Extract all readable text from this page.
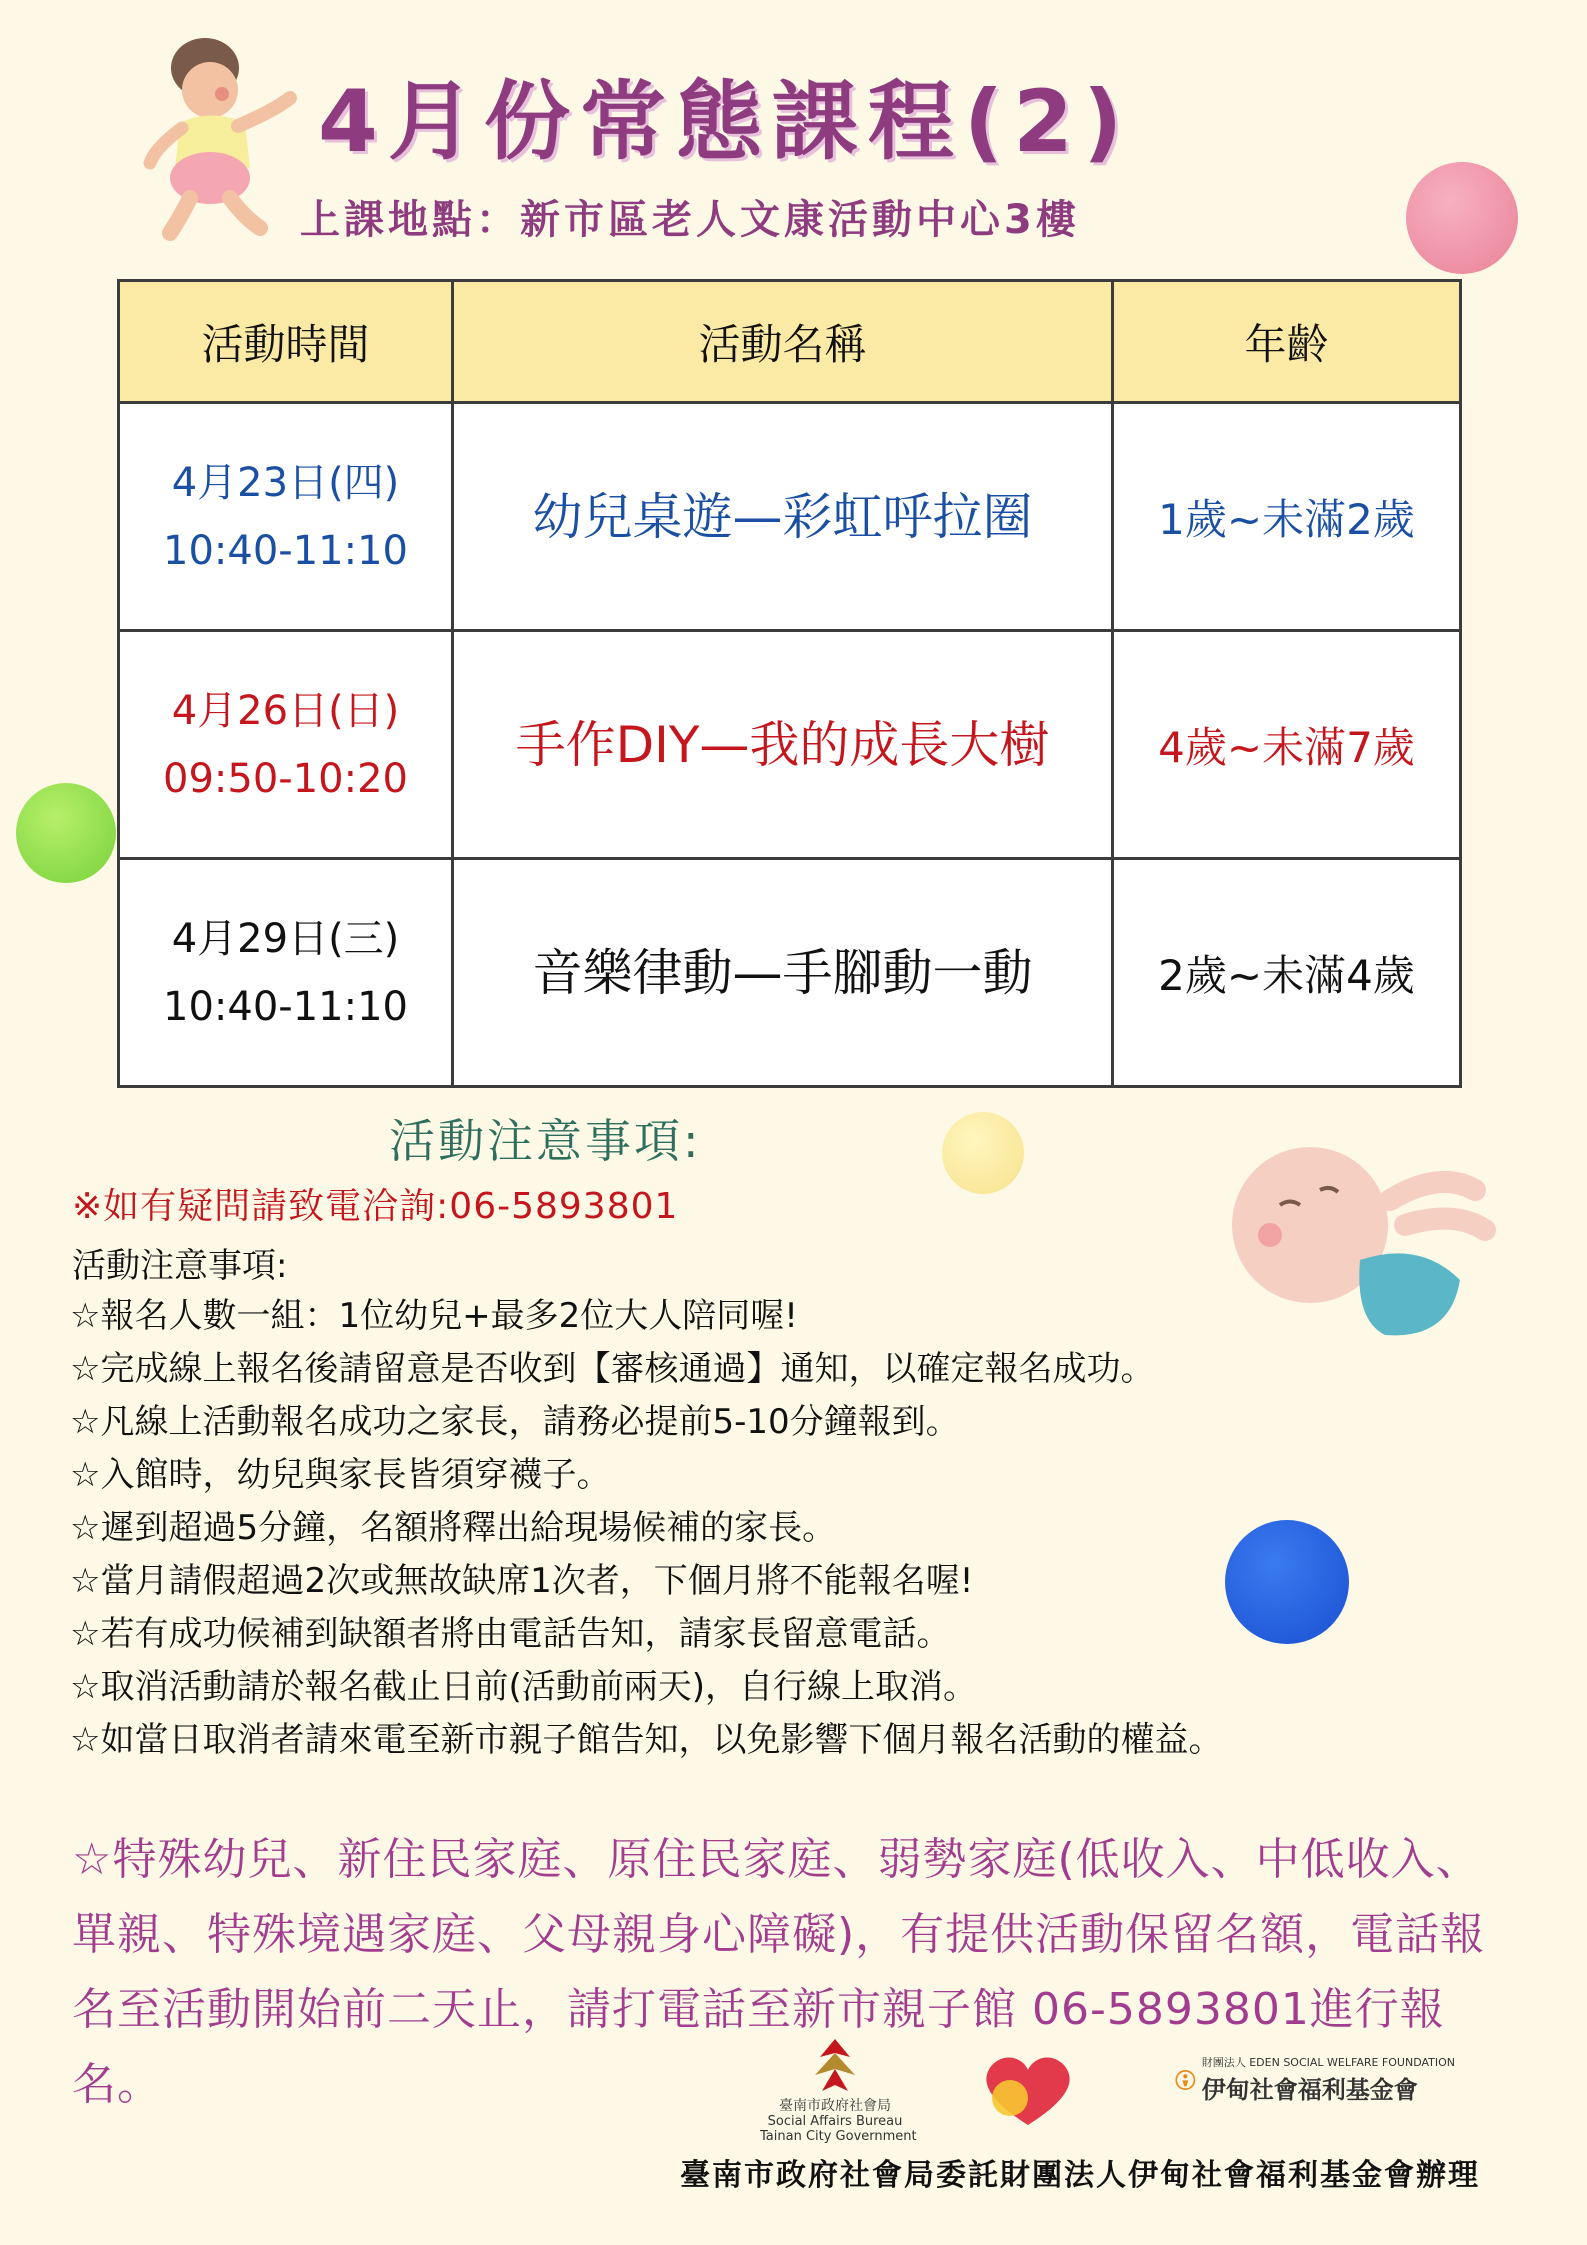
4月份常態課程(2)
上課地點：新市區老人文康活動中心3樓
活動時間	活動名稱	年齡

4月23日(四)
10:40-11:10	幼兒桌遊—彩虹呼拉圈	1歲~未滿2歲

4月26日(日)
09:50-10:20	手作DIY—我的成長大樹	4歲~未滿7歲

4月29日(三)
10:40-11:10	音樂律動—手腳動一動	2歲~未滿4歲
活動注意事項:
※如有疑問請致電洽詢:06-5893801
活動注意事項:
☆報名人數一組：1位幼兒+最多2位大人陪同喔!
☆完成線上報名後請留意是否收到【審核通過】通知，以確定報名成功。
☆凡線上活動報名成功之家長，請務必提前5-10分鐘報到。
☆入館時，幼兒與家長皆須穿襪子。
☆遲到超過5分鐘，名額將釋出給現場候補的家長。
☆當月請假超過2次或無故缺席1次者，下個月將不能報名喔!
☆若有成功候補到缺額者將由電話告知，請家長留意電話。
☆取消活動請於報名截止日前(活動前兩天)，自行線上取消。
☆如當日取消者請來電至新市親子館告知，以免影響下個月報名活動的權益。
☆特殊幼兒、新住民家庭、原住民家庭、弱勢家庭(低收入、中低收入、單親、特殊境遇家庭、父母親身心障礙)，有提供活動保留名額，電話報名至活動開始前二天止，請打電話至新市親子館 06-5893801進行報名。	臺南市政府社會局
Social Affairs Bureau
Tainan City Government
財團法人 EDEN SOCIAL WELFARE FOUNDATION
伊甸社會福利基金會
臺南市政府社會局委託財團法人伊甸社會福利基金會辦理
